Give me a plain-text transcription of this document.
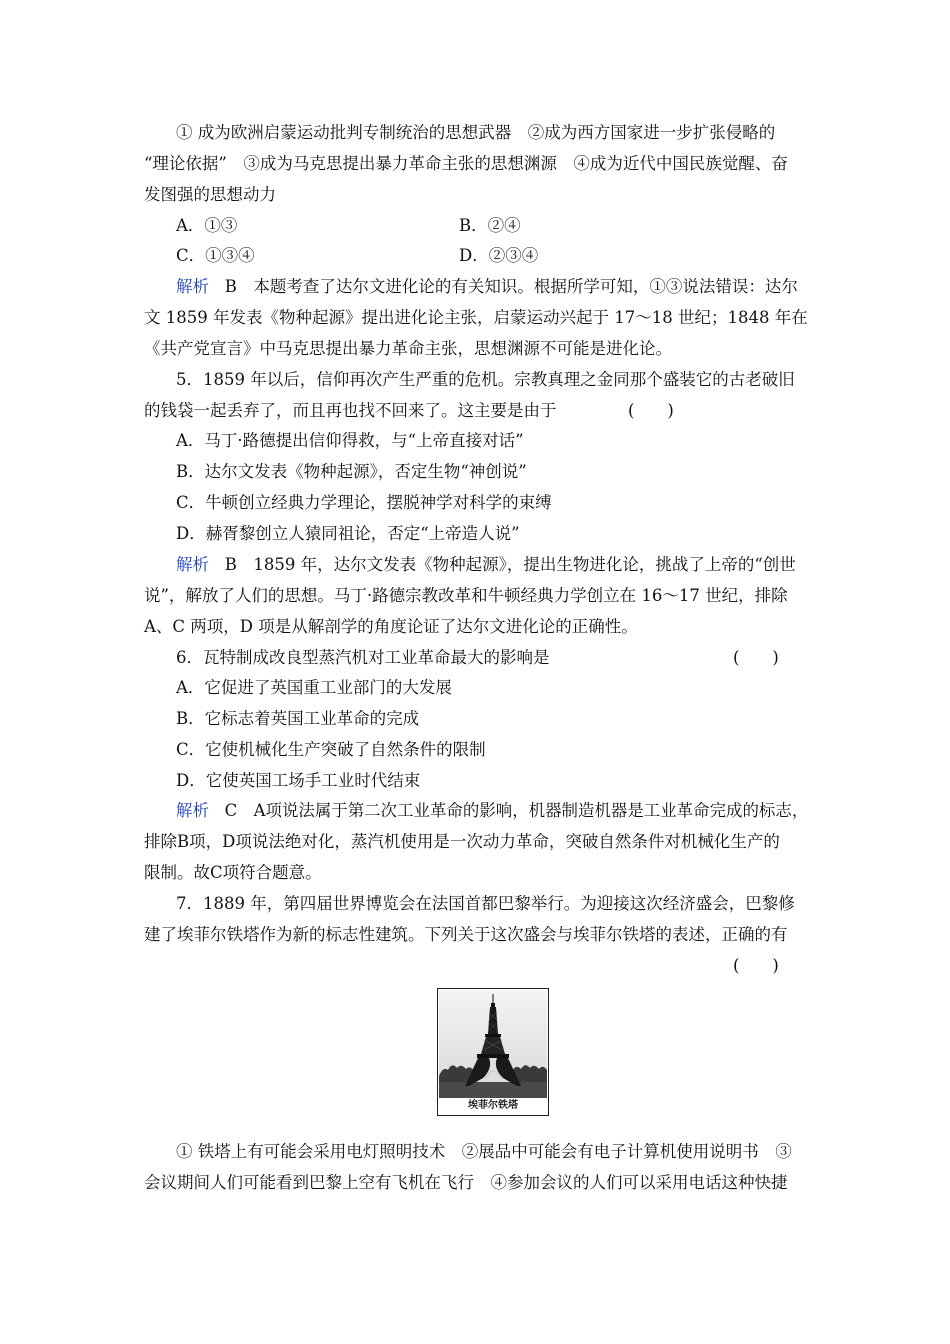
① 成为欧洲启蒙运动批判专制统治的思想武器　②成为西方国家进一步扩张侵略的
“理论依据”　③成为马克思提出暴力革命主张的思想渊源　④成为近代中国民族觉醒、奋
发图强的思想动力
A．①③	B．②④
C．①③④	D．②③④
解析 B　本题考查了达尔文进化论的有关知识。根据所学可知，①③说法错误：达尔
文 1859 年发表《物种起源》提出进化论主张，启蒙运动兴起于 17～18 世纪；1848 年在
《共产党宣言》中马克思提出暴力革命主张，思想渊源不可能是进化论。
5．1859 年以后，信仰再次产生严重的危机。宗教真理之金同那个盛装它的古老破旧
的钱袋一起丢弃了，而且再也找不回来了。这主要是由于	(　　)
A．马丁·路德提出信仰得救，与“上帝直接对话”
B．达尔文发表《物种起源》，否定生物“神创说”
C．牛顿创立经典力学理论，摆脱神学对科学的束缚
D．赫胥黎创立人猿同祖论，否定“上帝造人说”
解析 B　1859 年，达尔文发表《物种起源》，提出生物进化论，挑战了上帝的“创世
说”，解放了人们的思想。马丁·路德宗教改革和牛顿经典力学创立在 16～17 世纪，排除
A、C 两项，D 项是从解剖学的角度论证了达尔文进化论的正确性。
6．瓦特制成改良型蒸汽机对工业革命最大的影响是	(　　)
A．它促进了英国重工业部门的大发展
B．它标志着英国工业革命的完成
C．它使机械化生产突破了自然条件的限制
D．它使英国工场手工业时代结束
解析 C　A项说法属于第二次工业革命的影响，机器制造机器是工业革命完成的标志，
排除B项，D项说法绝对化，蒸汽机使用是一次动力革命，突破自然条件对机械化生产的
限制。故C项符合题意。
7．1889 年，第四届世界博览会在法国首都巴黎举行。为迎接这次经济盛会，巴黎修
建了埃菲尔铁塔作为新的标志性建筑。下列关于这次盛会与埃菲尔铁塔的表述，正确的有
(　　)
埃菲尔铁塔
① 铁塔上有可能会采用电灯照明技术　②展品中可能会有电子计算机使用说明书　③
会议期间人们可能看到巴黎上空有飞机在飞行　④参加会议的人们可以采用电话这种快捷
